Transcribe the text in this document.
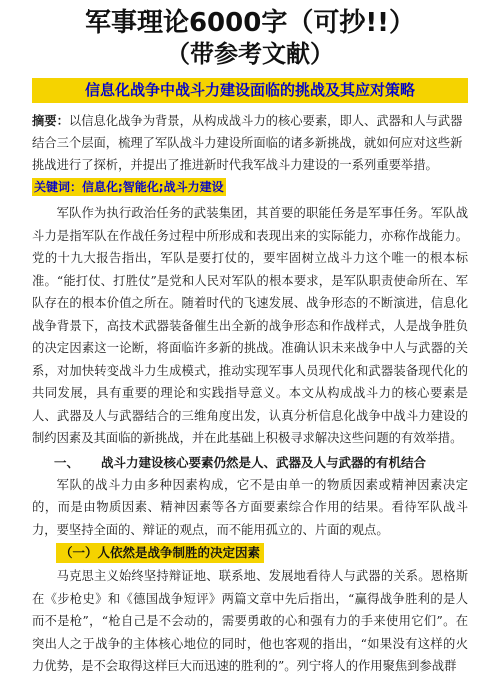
军事理论6000字（可抄!!）
（带参考文献）
信息化战争中战斗力建设面临的挑战及其应对策略
摘要：以信息化战争为背景，从构成战斗力的核心要素，即人、武器和人与武器结合三个层面，梳理了军队战斗力建设所面临的诸多新挑战，就如何应对这些新挑战进行了探析，并提出了推进新时代我军战斗力建设的一系列重要举措。
关键词：信息化;智能化;战斗力建设

军队作为执行政治任务的武装集团，其首要的职能任务是军事任务。军队战斗力是指军队在作战任务过程中所形成和表现出来的实际能力，亦称作战能力。党的十九大报告指出，军队是要打仗的，要牢固树立战斗力这个唯一的根本标准。“能打仗、打胜仗”是党和人民对军队的根本要求，是军队职责使命所在、军队存在的根本价值之所在。随着时代的飞速发展、战争形态的不断演进，信息化战争背景下，高技术武器装备催生出全新的战争形态和作战样式，人是战争胜负的决定因素这一论断，将面临许多新的挑战。准确认识未来战争中人与武器的关系，对加快转变战斗力生成模式，推动实现军事人员现代化和武器装备现代化的共同发展，具有重要的理论和实践指导意义。本文从构成战斗力的核心要素是人、武器及人与武器结合的三维角度出发，认真分析信息化战争中战斗力建设的制约因素及其面临的新挑战，并在此基础上积极寻求解决这些问题的有效举措。

一、 战斗力建设核心要素仍然是人、武器及人与武器的有机结合

军队的战斗力由多种因素构成，它不是由单一的物质因素或精神因素决定的，而是由物质因素、精神因素等各方面要素综合作用的结果。看待军队战斗力，要坚持全面的、辩证的观点，而不能用孤立的、片面的观点。

（一）人依然是战争制胜的决定因素

马克思主义始终坚持辩证地、联系地、发展地看待人与武器的关系。恩格斯在《步枪史》和《德国战争短评》两篇文章中先后指出，“赢得战争胜利的是人而不是枪”，“枪自己是不会动的，需要勇敢的心和强有力的手来使用它们”。在突出人之于战争的主体核心地位的同时，他也客观的指出，“如果没有这样的火力优势，是不会取得这样巨大而迅速的胜利的”。列宁将人的作用聚焦到参战群
